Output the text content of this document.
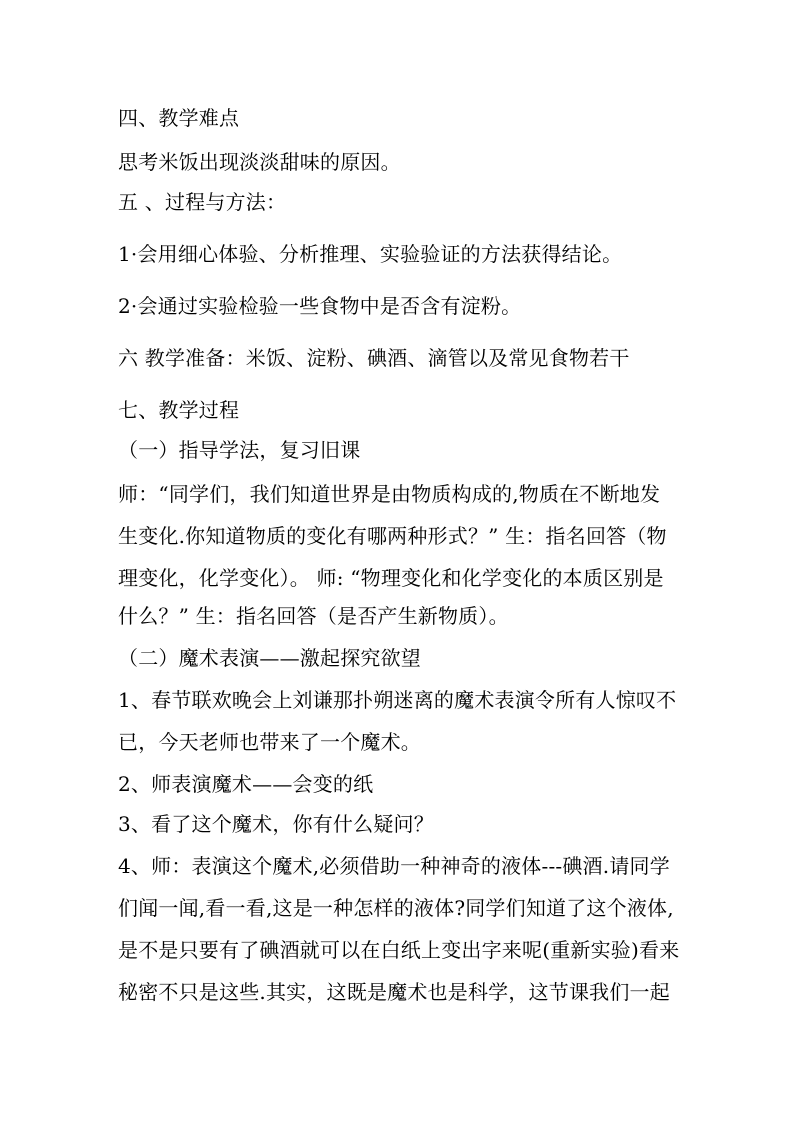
四、教学难点
思考米饭出现淡淡甜味的原因。
五 、过程与方法：
1·会用细心体验、分析推理、实验验证的方法获得结论。
2·会通过实验检验一些食物中是否含有淀粉。
六 教学准备：米饭、淀粉、碘酒、滴管以及常见食物若干
七、教学过程
（一）指导学法，复习旧课
师：“同学们，我们知道世界是由物质构成的,物质在不断地发
生变化.你知道物质的变化有哪两种形式？” 生：指名回答（物
理变化，化学变化）。 师: “物理变化和化学变化的本质区别是
什么？” 生：指名回答（是否产生新物质）。
（二）魔术表演——激起探究欲望
1、春节联欢晚会上刘谦那扑朔迷离的魔术表演令所有人惊叹不
已，今天老师也带来了一个魔术。
2、师表演魔术——会变的纸
3、看了这个魔术，你有什么疑问？
4、师：表演这个魔术,必须借助一种神奇的液体---碘酒.请同学
们闻一闻,看一看,这是一种怎样的液体?同学们知道了这个液体,
是不是只要有了碘酒就可以在白纸上变出字来呢(重新实验)看来
秘密不只是这些.其实，这既是魔术也是科学，这节课我们一起
